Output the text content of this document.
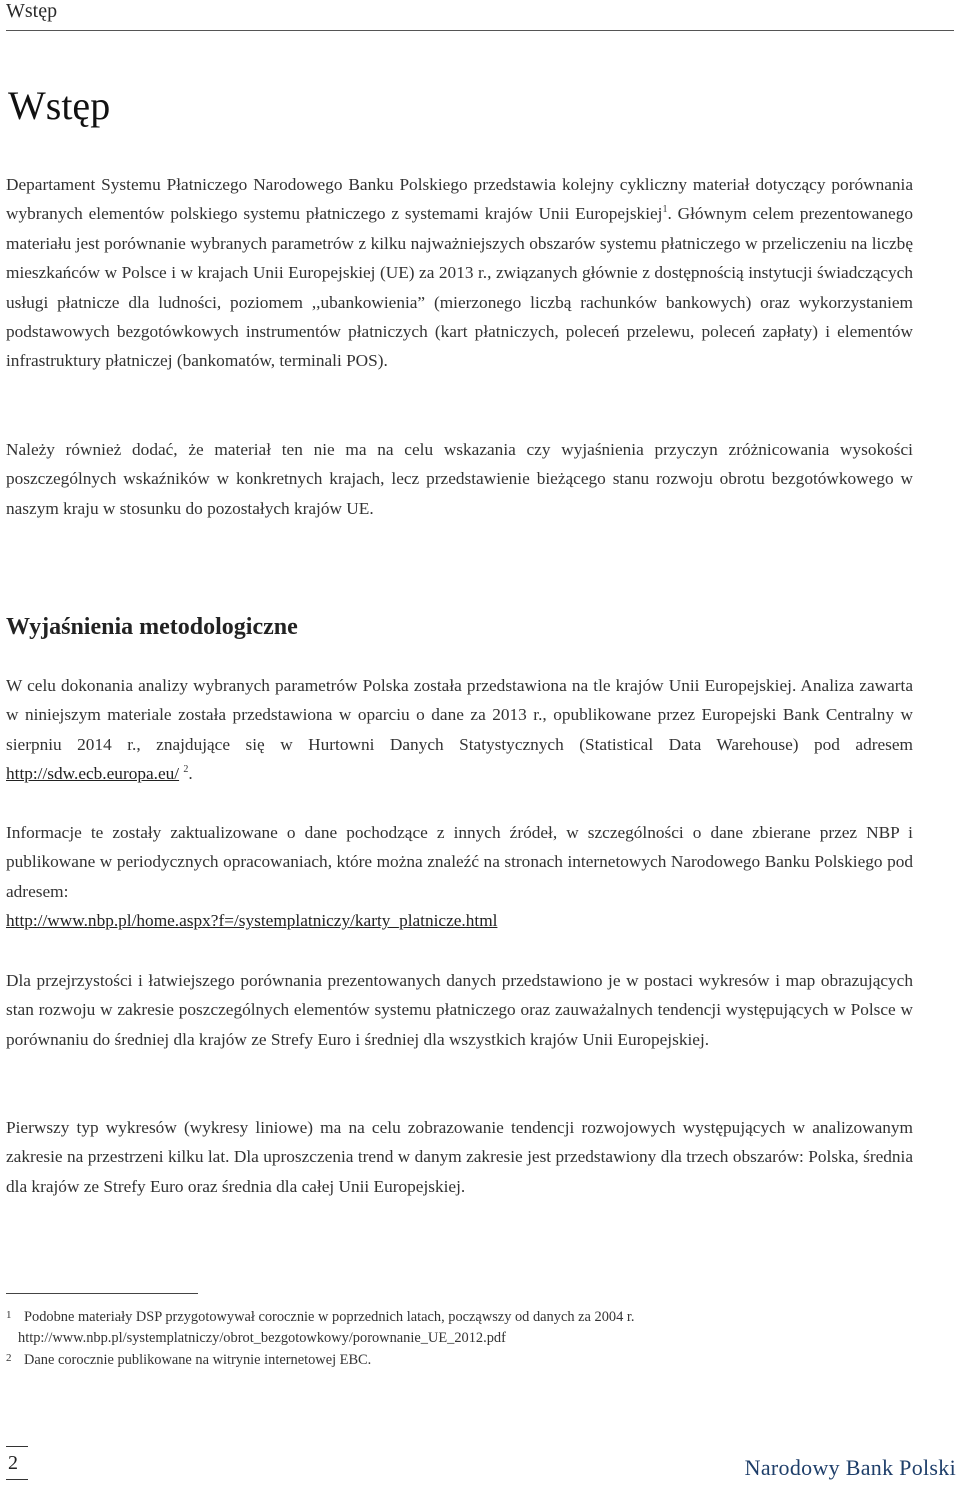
Wstęp
Wstęp

Departament Systemu Płatniczego Narodowego Banku Polskiego przedstawia kolejny cykliczny materiał dotyczący porównania wybranych elementów polskiego systemu płatniczego z systemami krajów Unii Europejskiej$^1$. Głównym celem prezentowanego materiału jest porównanie wybranych parametrów z kilku najważniejszych obszarów systemu płatniczego w przeliczeniu na liczbę mieszkańców w Polsce i w krajach Unii Europejskiej (UE) za 2013 r., związanych głównie z dostępnością instytucji świadczących usługi płatnicze dla ludności, poziomem ,,ubankowienia” (mierzonego liczbą rachunków bankowych) oraz wykorzystaniem podstawowych bezgotówkowych instrumentów płatniczych (kart płatniczych, poleceń przelewu, poleceń zapłaty) i elementów infrastruktury płatniczej (bankomatów, terminali POS).

Należy również dodać, że materiał ten nie ma na celu wskazania czy wyjaśnienia przyczyn zróżnicowania wysokości poszczególnych wskaźników w konkretnych krajach, lecz przedstawienie bieżącego stanu rozwoju obrotu bezgotówkowego w naszym kraju w stosunku do pozostałych krajów UE.

Wyjaśnienia metodologiczne

W celu dokonania analizy wybranych parametrów Polska została przedstawiona na tle krajów Unii Europejskiej. Analiza zawarta w niniejszym materiale została przedstawiona w oparciu o dane za 2013 r., opublikowane przez Europejski Bank Centralny w sierpniu 2014 r., znajdujące się w Hurtowni Danych Statystycznych (Statistical Data Warehouse) pod adresem http://sdw.ecb.europa.eu/ $^2$.

Informacje te zostały zaktualizowane o dane pochodzące z innych źródeł, w szczególności o dane zbierane przez NBP i publikowane w periodycznych opracowaniach, które można znaleźć na stronach internetowych Narodowego Banku Polskiego pod adresem:
http://www.nbp.pl/home.aspx?f=/systemplatniczy/karty_platnicze.html

Dla przejrzystości i łatwiejszego porównania prezentowanych danych przedstawiono je w postaci wykresów i map obrazujących stan rozwoju w zakresie poszczególnych elementów systemu płatniczego oraz zauważalnych tendencji występujących w Polsce w porównaniu do średniej dla krajów ze Strefy Euro i średniej dla wszystkich krajów Unii Europejskiej.

Pierwszy typ wykresów (wykresy liniowe) ma na celu zobrazowanie tendencji rozwojowych występujących w analizowanym zakresie na przestrzeni kilku lat. Dla uproszczenia trend w danym zakresie jest przedstawiony dla trzech obszarów: Polska, średnia dla krajów ze Strefy Euro oraz średnia dla całej Unii Europejskiej.

1 Podobne materiały DSP przygotowywał corocznie w poprzednich latach, począwszy od danych za 2004 r.
http://www.nbp.pl/systemplatniczy/obrot_bezgotowkowy/porownanie_UE_2012.pdf

2 Dane corocznie publikowane na witrynie internetowej EBC.

2	Narodowy Bank Polski
